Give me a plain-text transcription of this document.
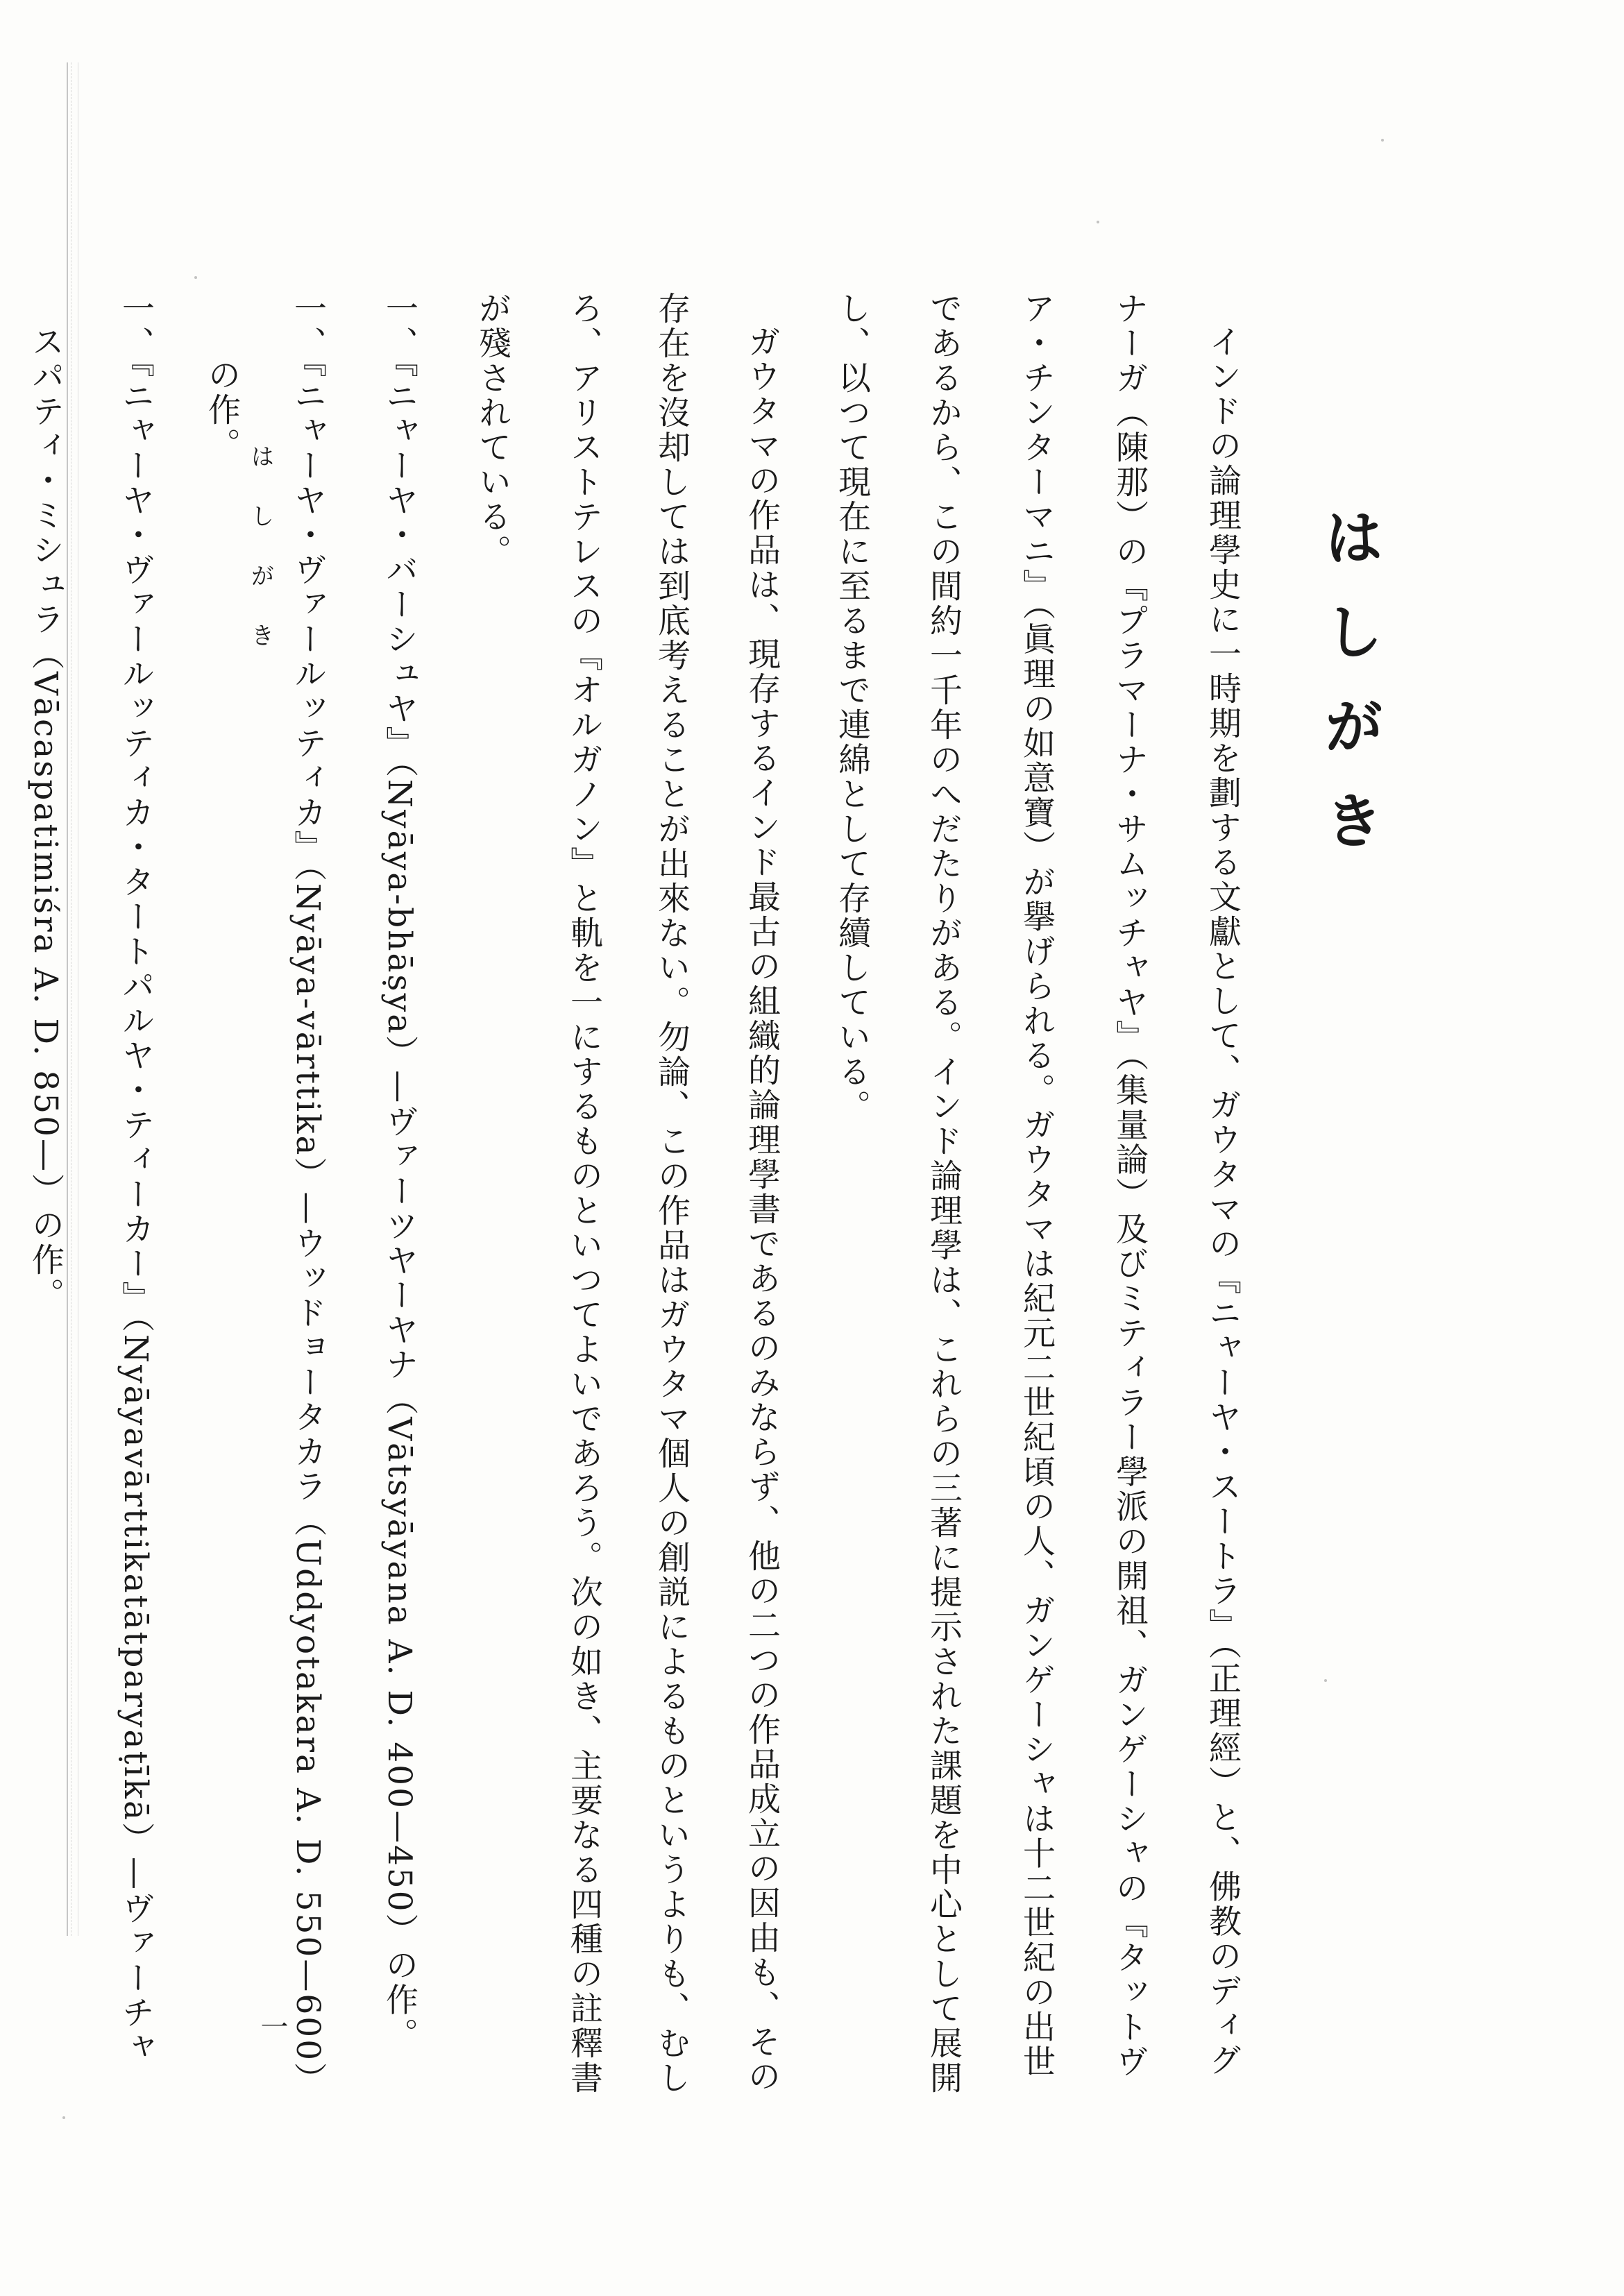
はしがき
インドの論理學史に一時期を劃する文獻として、ガウタマの『ニャーヤ・スートラ』（正理經）と、佛教のディグ
ナーガ（陳那）の『プラマーナ・サムッチャヤ』（集量論）及びミティラー學派の開祖、ガンゲーシャの『タットヴ
ア・チンターマニ』（眞理の如意寶）が擧げられる。ガウタマは紀元二世紀頃の人、ガンゲーシャは十二世紀の出世
であるから、この間約一千年のへだたりがある。インド論理學は、これらの三著に提示された課題を中心として展開
し、以つて現在に至るまで連綿として存續している。
ガウタマの作品は、現存するインド最古の組織的論理學書であるのみならず、他の二つの作品成立の因由も、その
存在を沒却しては到底考えることが出來ない。勿論、この作品はガウタマ個人の創説によるものというよりも、むし
ろ、アリストテレスの『オルガノン』と軌を一にするものといつてよいであろう。次の如き、主要なる四種の註釋書
が殘されている。
一、『ニャーヤ・バーシュヤ』（Nyāya-bhāṣya）—ヴァーツヤーヤナ（Vātsyāyana A. D. 400—450）の作。
一、『ニャーヤ・ヴァールッティカ』（Nyāya-vārttika）—ウッドョータカラ（Uddyotakara A. D. 550—600）
の作。
一、『ニャーヤ・ヴァールッティカ・タートパルヤ・ティーカー』（Nyāyavārttikatātparyaṭīkā）—ヴァーチャ
スパティ・ミシュラ（Vācaspatimiśra A. D. 850—）の作。	はしがき
一
